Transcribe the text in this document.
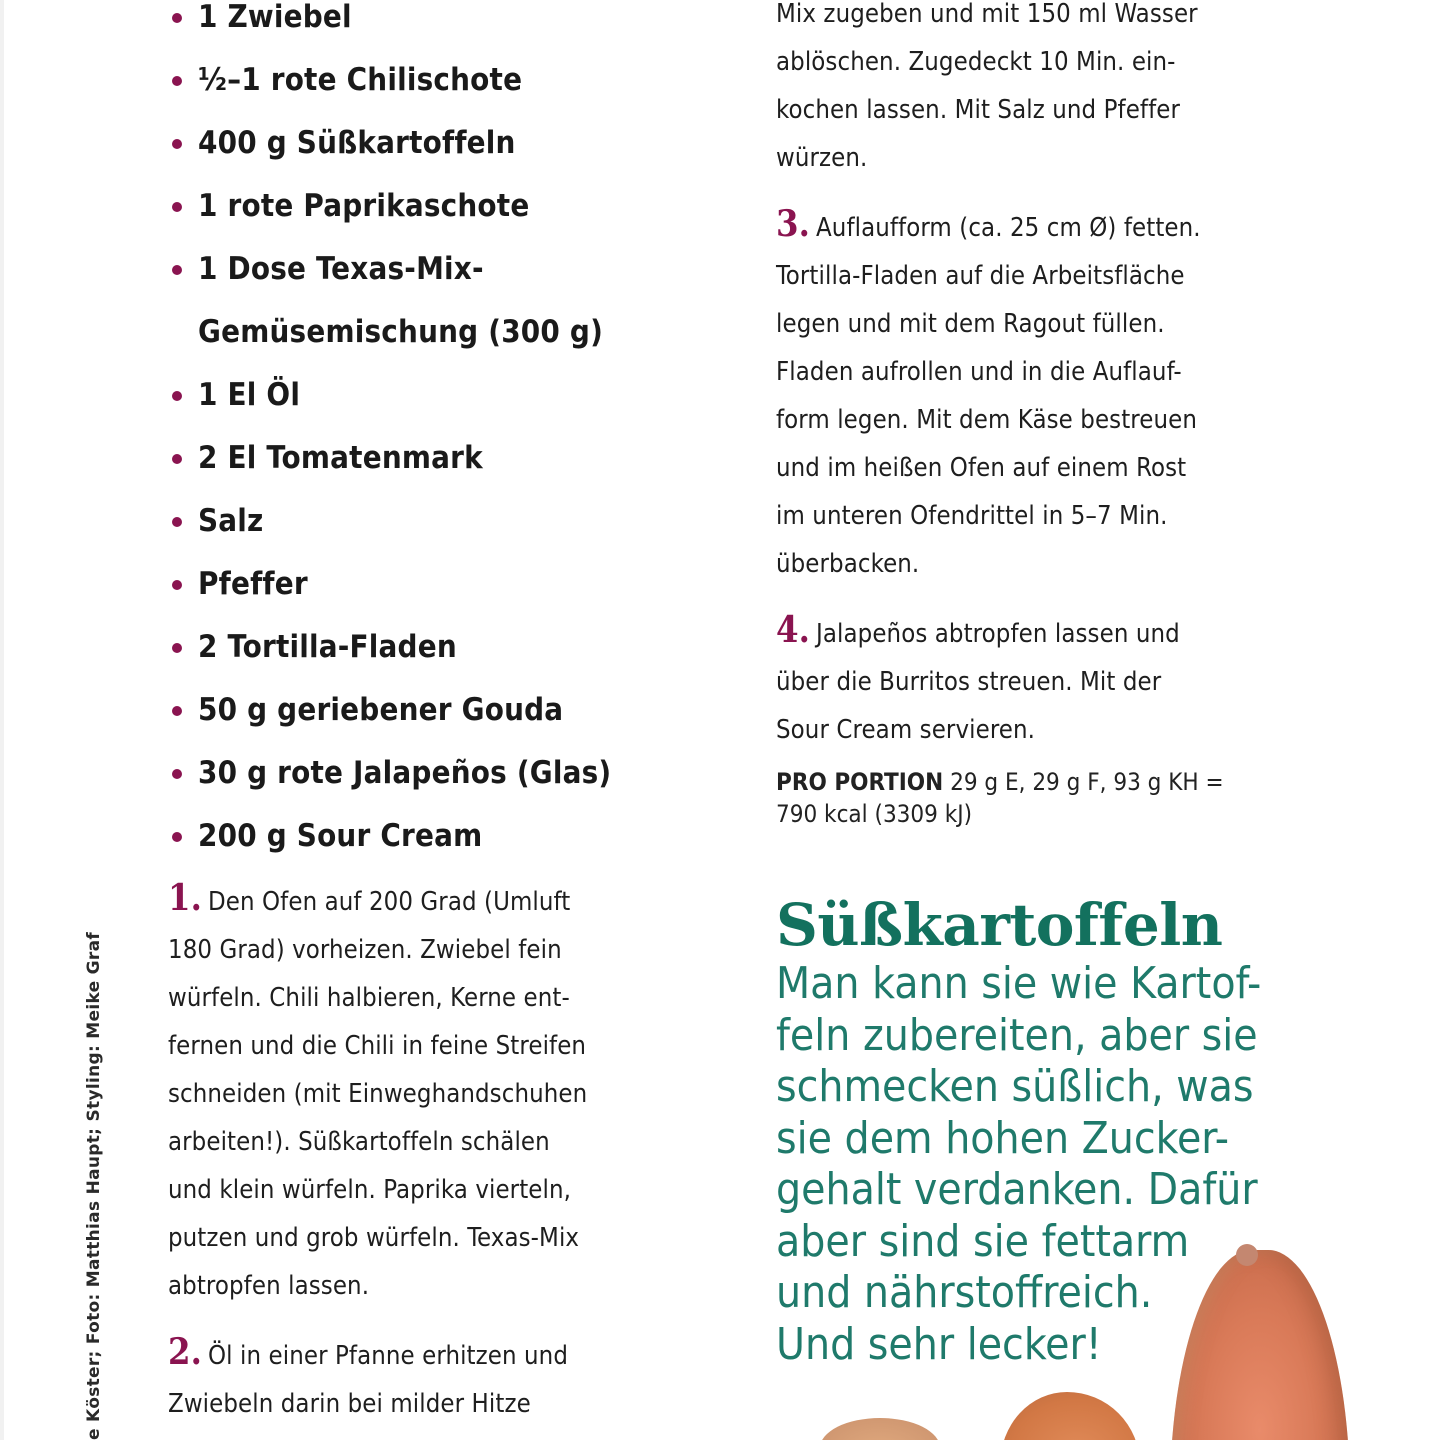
e Köster; Foto: Matthias Haupt; Styling: Meike Graf
1 Zwiebel
½–1 rote Chilischote
400 g Süßkartoffeln
1 rote Paprikaschote
1 Dose Texas-Mix-
Gemüsemischung (300 g)
1 El Öl
2 El Tomatenmark
Salz
Pfeffer
2 Tortilla-Fladen
50 g geriebener Gouda
30 g rote Jalapeños (Glas)
200 g Sour Cream
1. Den Ofen auf 200 Grad (Umluft
180 Grad) vorheizen. Zwiebel fein
würfeln. Chili halbieren, Kerne ent-
fernen und die Chili in feine Streifen
schneiden (mit Einweghandschuhen
arbeiten!). Süßkartoffeln schälen
und klein würfeln. Paprika vierteln,
putzen und grob würfeln. Texas-Mix
abtropfen lassen.
2. Öl in einer Pfanne erhitzen und
Zwiebeln darin bei milder Hitze
Mix zugeben und mit 150 ml Wasser
ablöschen. Zugedeckt 10 Min. ein-
kochen lassen. Mit Salz und Pfeffer
würzen.
3. Auflaufform (ca. 25 cm Ø) fetten.
Tortilla-Fladen auf die Arbeitsfläche
legen und mit dem Ragout füllen.
Fladen aufrollen und in die Auflauf-
form legen. Mit dem Käse bestreuen
und im heißen Ofen auf einem Rost
im unteren Ofendrittel in 5–7 Min.
überbacken.
4. Jalapeños abtropfen lassen und
über die Burritos streuen. Mit der
Sour Cream servieren.
PRO PORTION 29 g E, 29 g F, 93 g KH =
790 kcal (3309 kJ)
Süßkartoffeln
Man kann sie wie Kartof-
feln zubereiten, aber sie
schmecken süßlich, was
sie dem hohen Zucker-
gehalt verdanken. Dafür
aber sind sie fettarm
und nährstoffreich.
Und sehr lecker!
